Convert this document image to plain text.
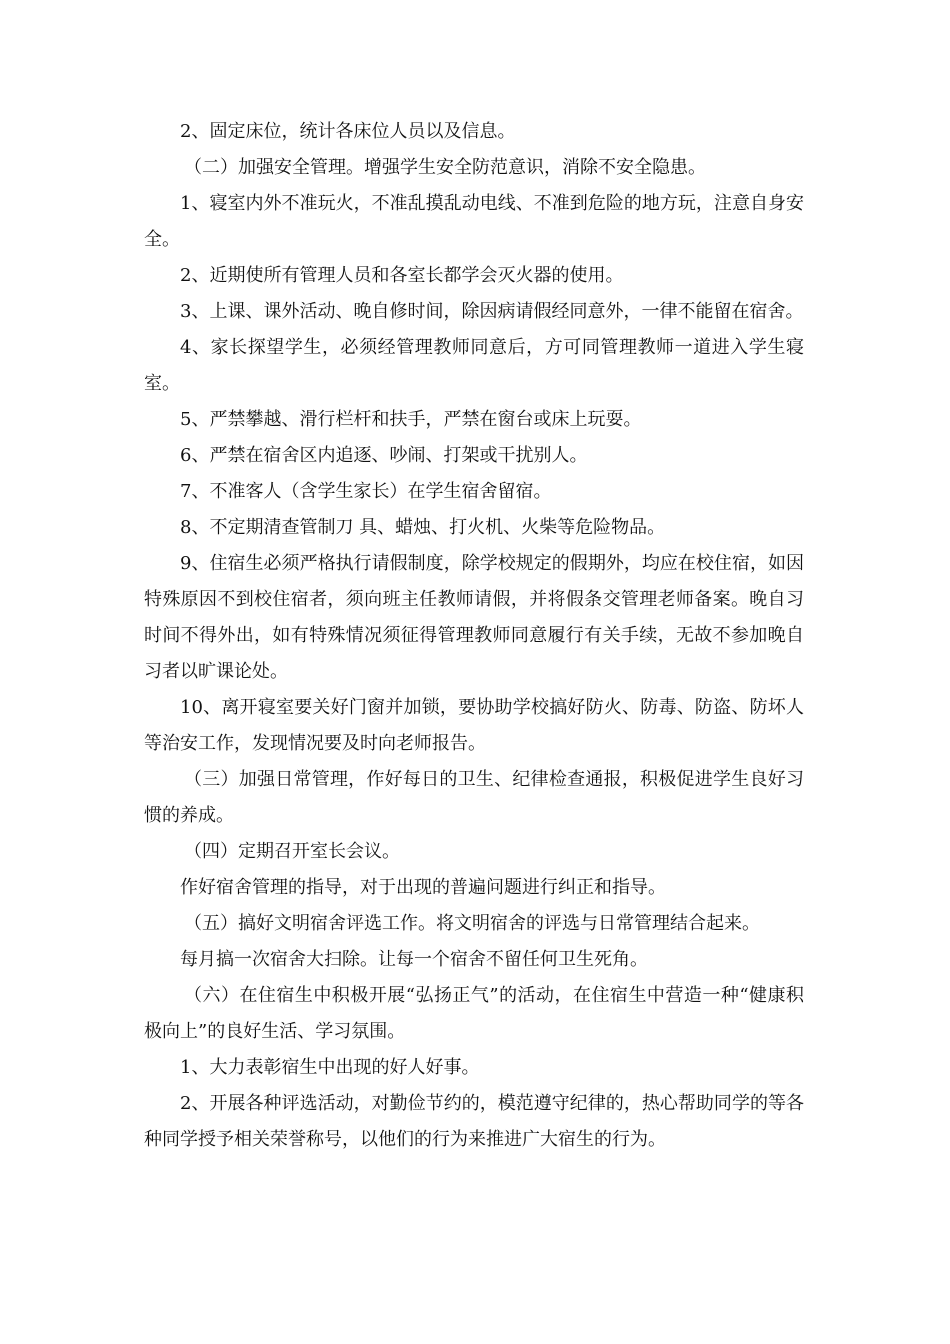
2、固定床位，统计各床位人员以及信息。

（二）加强安全管理。增强学生安全防范意识，消除不安全隐患。

1、寝室内外不准玩火，不准乱摸乱动电线、不准到危险的地方玩，注意自身安全。

2、近期使所有管理人员和各室长都学会灭火器的使用。

3、上课、课外活动、晚自修时间，除因病请假经同意外，一律不能留在宿舍。

4、家长探望学生，必须经管理教师同意后，方可同管理教师一道进入学生寝室。

5、严禁攀越、滑行栏杆和扶手，严禁在窗台或床上玩耍。

6、严禁在宿舍区内追逐、吵闹、打架或干扰别人。

7、不准客人（含学生家长）在学生宿舍留宿。

8、不定期清查管制刀 具、蜡烛、打火机、火柴等危险物品。

9、住宿生必须严格执行请假制度，除学校规定的假期外，均应在校住宿，如因特殊原因不到校住宿者，须向班主任教师请假，并将假条交管理老师备案。晚自习时间不得外出，如有特殊情况须征得管理教师同意履行有关手续，无故不参加晚自习者以旷课论处。

10、离开寝室要关好门窗并加锁，要协助学校搞好防火、防毒、防盗、防坏人等治安工作，发现情况要及时向老师报告。

（三）加强日常管理，作好每日的卫生、纪律检查通报，积极促进学生良好习惯的养成。

（四）定期召开室长会议。

作好宿舍管理的指导，对于出现的普遍问题进行纠正和指导。

（五）搞好文明宿舍评选工作。将文明宿舍的评选与日常管理结合起来。

每月搞一次宿舍大扫除。让每一个宿舍不留任何卫生死角。

（六）在住宿生中积极开展“弘扬正气”的活动，在住宿生中营造一种“健康积极向上”的良好生活、学习氛围。

1、大力表彰宿生中出现的好人好事。

2、开展各种评选活动，对勤俭节约的，模范遵守纪律的，热心帮助同学的等各种同学授予相关荣誉称号，以他们的行为来推进广大宿生的行为。
